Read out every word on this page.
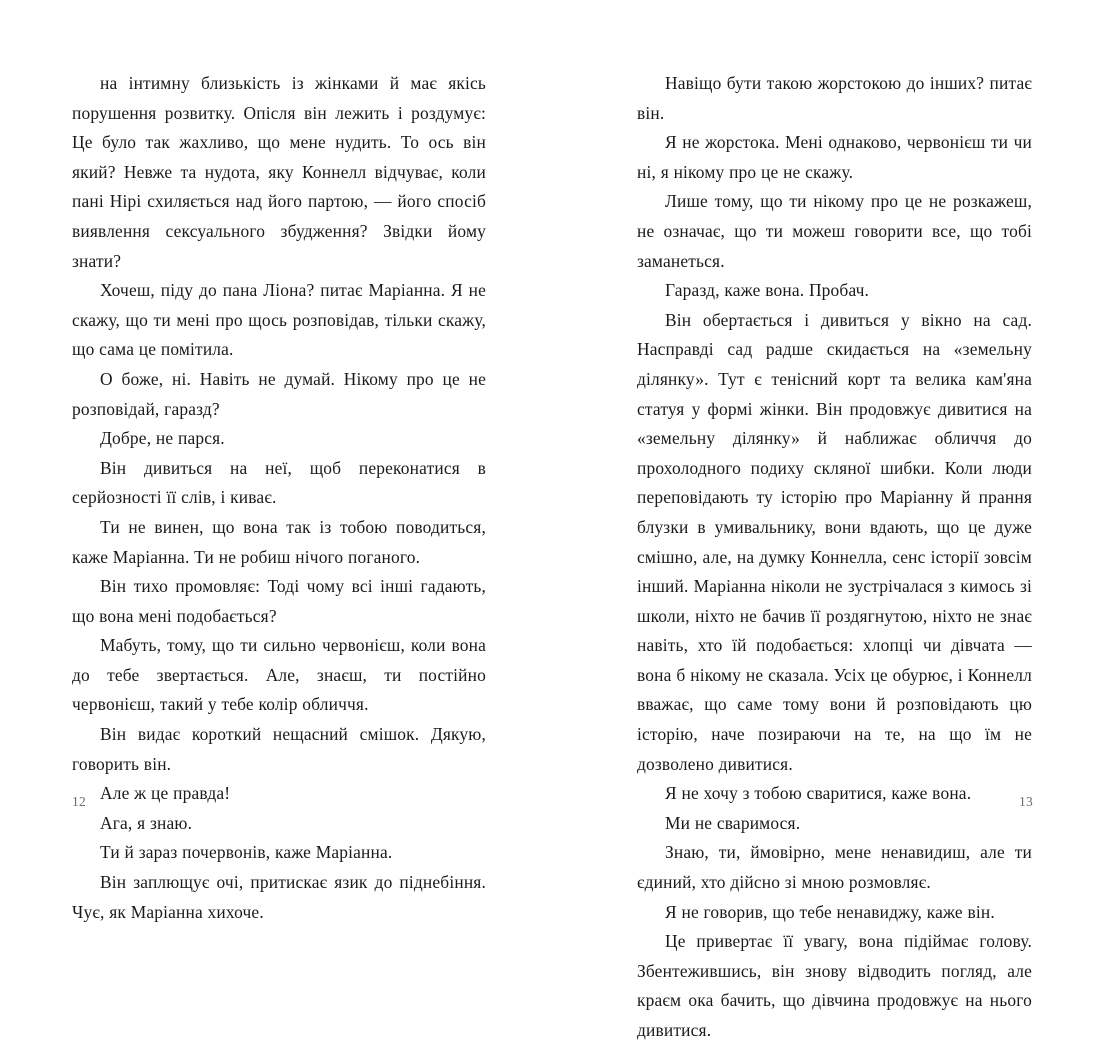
на інтимну близькість із жінками й має якісь порушення розвитку. Опісля він лежить і роздумує: Це було так жахливо, що мене нудить. То ось він який? Невже та нудота, яку Коннелл відчуває, коли пані Нірі схиляється над його партою, — його спосіб виявлення сексуального збудження? Звідки йому знати?

Хочеш, піду до пана Ліона? питає Маріанна. Я не скажу, що ти мені про щось розповідав, тільки скажу, що сама це помітила.

О боже, ні. Навіть не думай. Нікому про це не розповідай, гаразд?

Добре, не парся.

Він дивиться на неї, щоб переконатися в серйозності її слів, і киває.

Ти не винен, що вона так із тобою поводиться, каже Маріанна. Ти не робиш нічого поганого.

Він тихо промовляє: Тоді чому всі інші гадають, що вона мені подобається?

Мабуть, тому, що ти сильно червонієш, коли вона до тебе звертається. Але, знаєш, ти постійно червонієш, такий у тебе колір обличчя.

Він видає короткий нещасний смішок. Дякую, говорить він.

Але ж це правда!

Ага, я знаю.

Ти й зараз почервонів, каже Маріанна.

Він заплющує очі, притискає язик до піднебіння. Чує, як Маріанна хихоче.

12

Навіщо бути такою жорстокою до інших? питає він.

Я не жорстока. Мені однаково, червонієш ти чи ні, я нікому про це не скажу.

Лише тому, що ти нікому про це не розкажеш, не означає, що ти можеш говорити все, що тобі заманеться.

Гаразд, каже вона. Пробач.

Він обертається і дивиться у вікно на сад. Насправді сад радше скидається на «земельну ділянку». Тут є тенісний корт та велика кам'яна статуя у формі жінки. Він продовжує дивитися на «земельну ділянку» й наближає обличчя до прохолодного подиху скляної шибки. Коли люди переповідають ту історію про Маріанну й прання блузки в умивальнику, вони вдають, що це дуже смішно, але, на думку Коннелла, сенс історії зовсім інший. Маріанна ніколи не зустрічалася з кимось зі школи, ніхто не бачив її роздягнутою, ніхто не знає навіть, хто їй подобається: хлопці чи дівчата — вона б нікому не сказала. Усіх це обурює, і Коннелл вважає, що саме тому вони й розповідають цю історію, наче позираючи на те, на що їм не дозволено дивитися.

Я не хочу з тобою сваритися, каже вона.

Ми не сваримося.

Знаю, ти, ймовірно, мене ненавидиш, але ти єдиний, хто дійсно зі мною розмовляє.

Я не говорив, що тебе ненавиджу, каже він.

Це привертає її увагу, вона підіймає голову. Збентежившись, він знову відводить погляд, але краєм ока бачить, що дівчина продовжує на нього дивитися.

13
